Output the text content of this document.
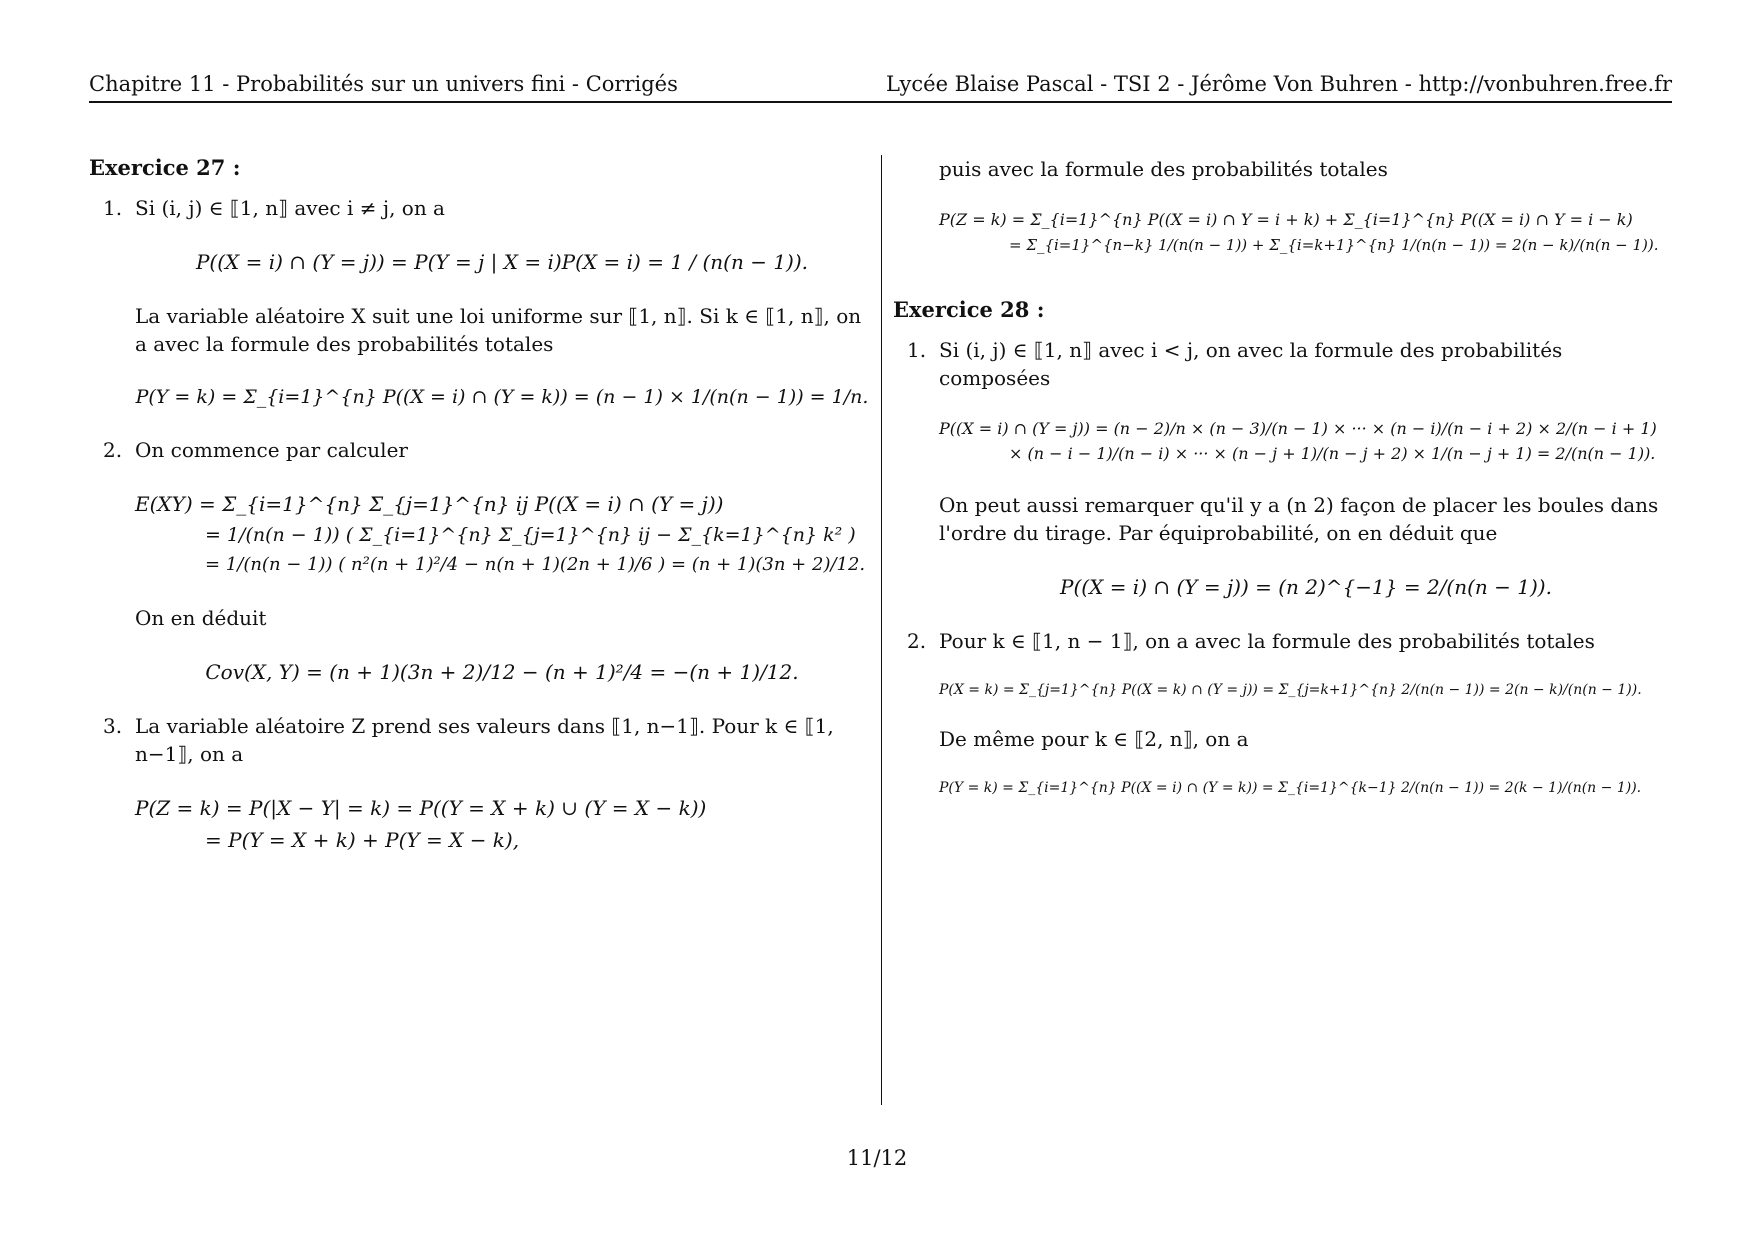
Chapitre 11 - Probabilités sur un univers fini - Corrigés	Lycée Blaise Pascal - TSI 2 - Jérôme Von Buhren - http://vonbuhren.free.fr
Exercice 27 :
1. Si (i, j) ∈ ⟦1, n⟧ avec i ≠ j, on a

P((X = i) ∩ (Y = j)) = P(Y = j | X = i)P(X = i) = 1 / (n(n − 1)).

La variable aléatoire X suit une loi uniforme sur ⟦1, n⟧. Si k ∈ ⟦1, n⟧, on a avec la formule des probabilités totales

P(Y = k) = Σ_{i=1}^{n} P((X = i) ∩ (Y = k)) = (n − 1) × 1/(n(n − 1)) = 1/n.
2. On commence par calculer

E(XY) = Σ_{i=1}^{n} Σ_{j=1}^{n} ij P((X = i) ∩ (Y = j))
= 1/(n(n − 1)) ( Σ_{i=1}^{n} Σ_{j=1}^{n} ij − Σ_{k=1}^{n} k² )
= 1/(n(n − 1)) ( n²(n + 1)²/4 − n(n + 1)(2n + 1)/6 ) = (n + 1)(3n + 2)/12.

On en déduit

Cov(X, Y) = (n + 1)(3n + 2)/12 − (n + 1)²/4 = −(n + 1)/12.
3. La variable aléatoire Z prend ses valeurs dans ⟦1, n−1⟧. Pour k ∈ ⟦1, n−1⟧, on a

P(Z = k) = P(|X − Y| = k) = P((Y = X + k) ∪ (Y = X − k))
= P(Y = X + k) + P(Y = X − k),

puis avec la formule des probabilités totales

P(Z = k) = Σ_{i=1}^{n} P((X = i) ∩ Y = i + k) + Σ_{i=1}^{n} P((X = i) ∩ Y = i − k)
= Σ_{i=1}^{n−k} 1/(n(n − 1)) + Σ_{i=k+1}^{n} 1/(n(n − 1)) = 2(n − k)/(n(n − 1)).
Exercice 28 :
1. Si (i, j) ∈ ⟦1, n⟧ avec i < j, on avec la formule des probabilités composées

P((X = i) ∩ (Y = j)) = (n − 2)/n × (n − 3)/(n − 1) × ··· × (n − i)/(n − i + 2) × 2/(n − i + 1)
× (n − i − 1)/(n − i) × ··· × (n − j + 1)/(n − j + 2) × 1/(n − j + 1) = 2/(n(n − 1)).

On peut aussi remarquer qu'il y a (n 2) façon de placer les boules dans l'ordre du tirage. Par équiprobabilité, on en déduit que

P((X = i) ∩ (Y = j)) = (n 2)^{−1} = 2/(n(n − 1)).
2. Pour k ∈ ⟦1, n − 1⟧, on a avec la formule des probabilités totales

P(X = k) = Σ_{j=1}^{n} P((X = k) ∩ (Y = j)) = Σ_{j=k+1}^{n} 2/(n(n − 1)) = 2(n − k)/(n(n − 1)).

De même pour k ∈ ⟦2, n⟧, on a

P(Y = k) = Σ_{i=1}^{n} P((X = i) ∩ (Y = k)) = Σ_{i=1}^{k−1} 2/(n(n − 1)) = 2(k − 1)/(n(n − 1)).
11/12
